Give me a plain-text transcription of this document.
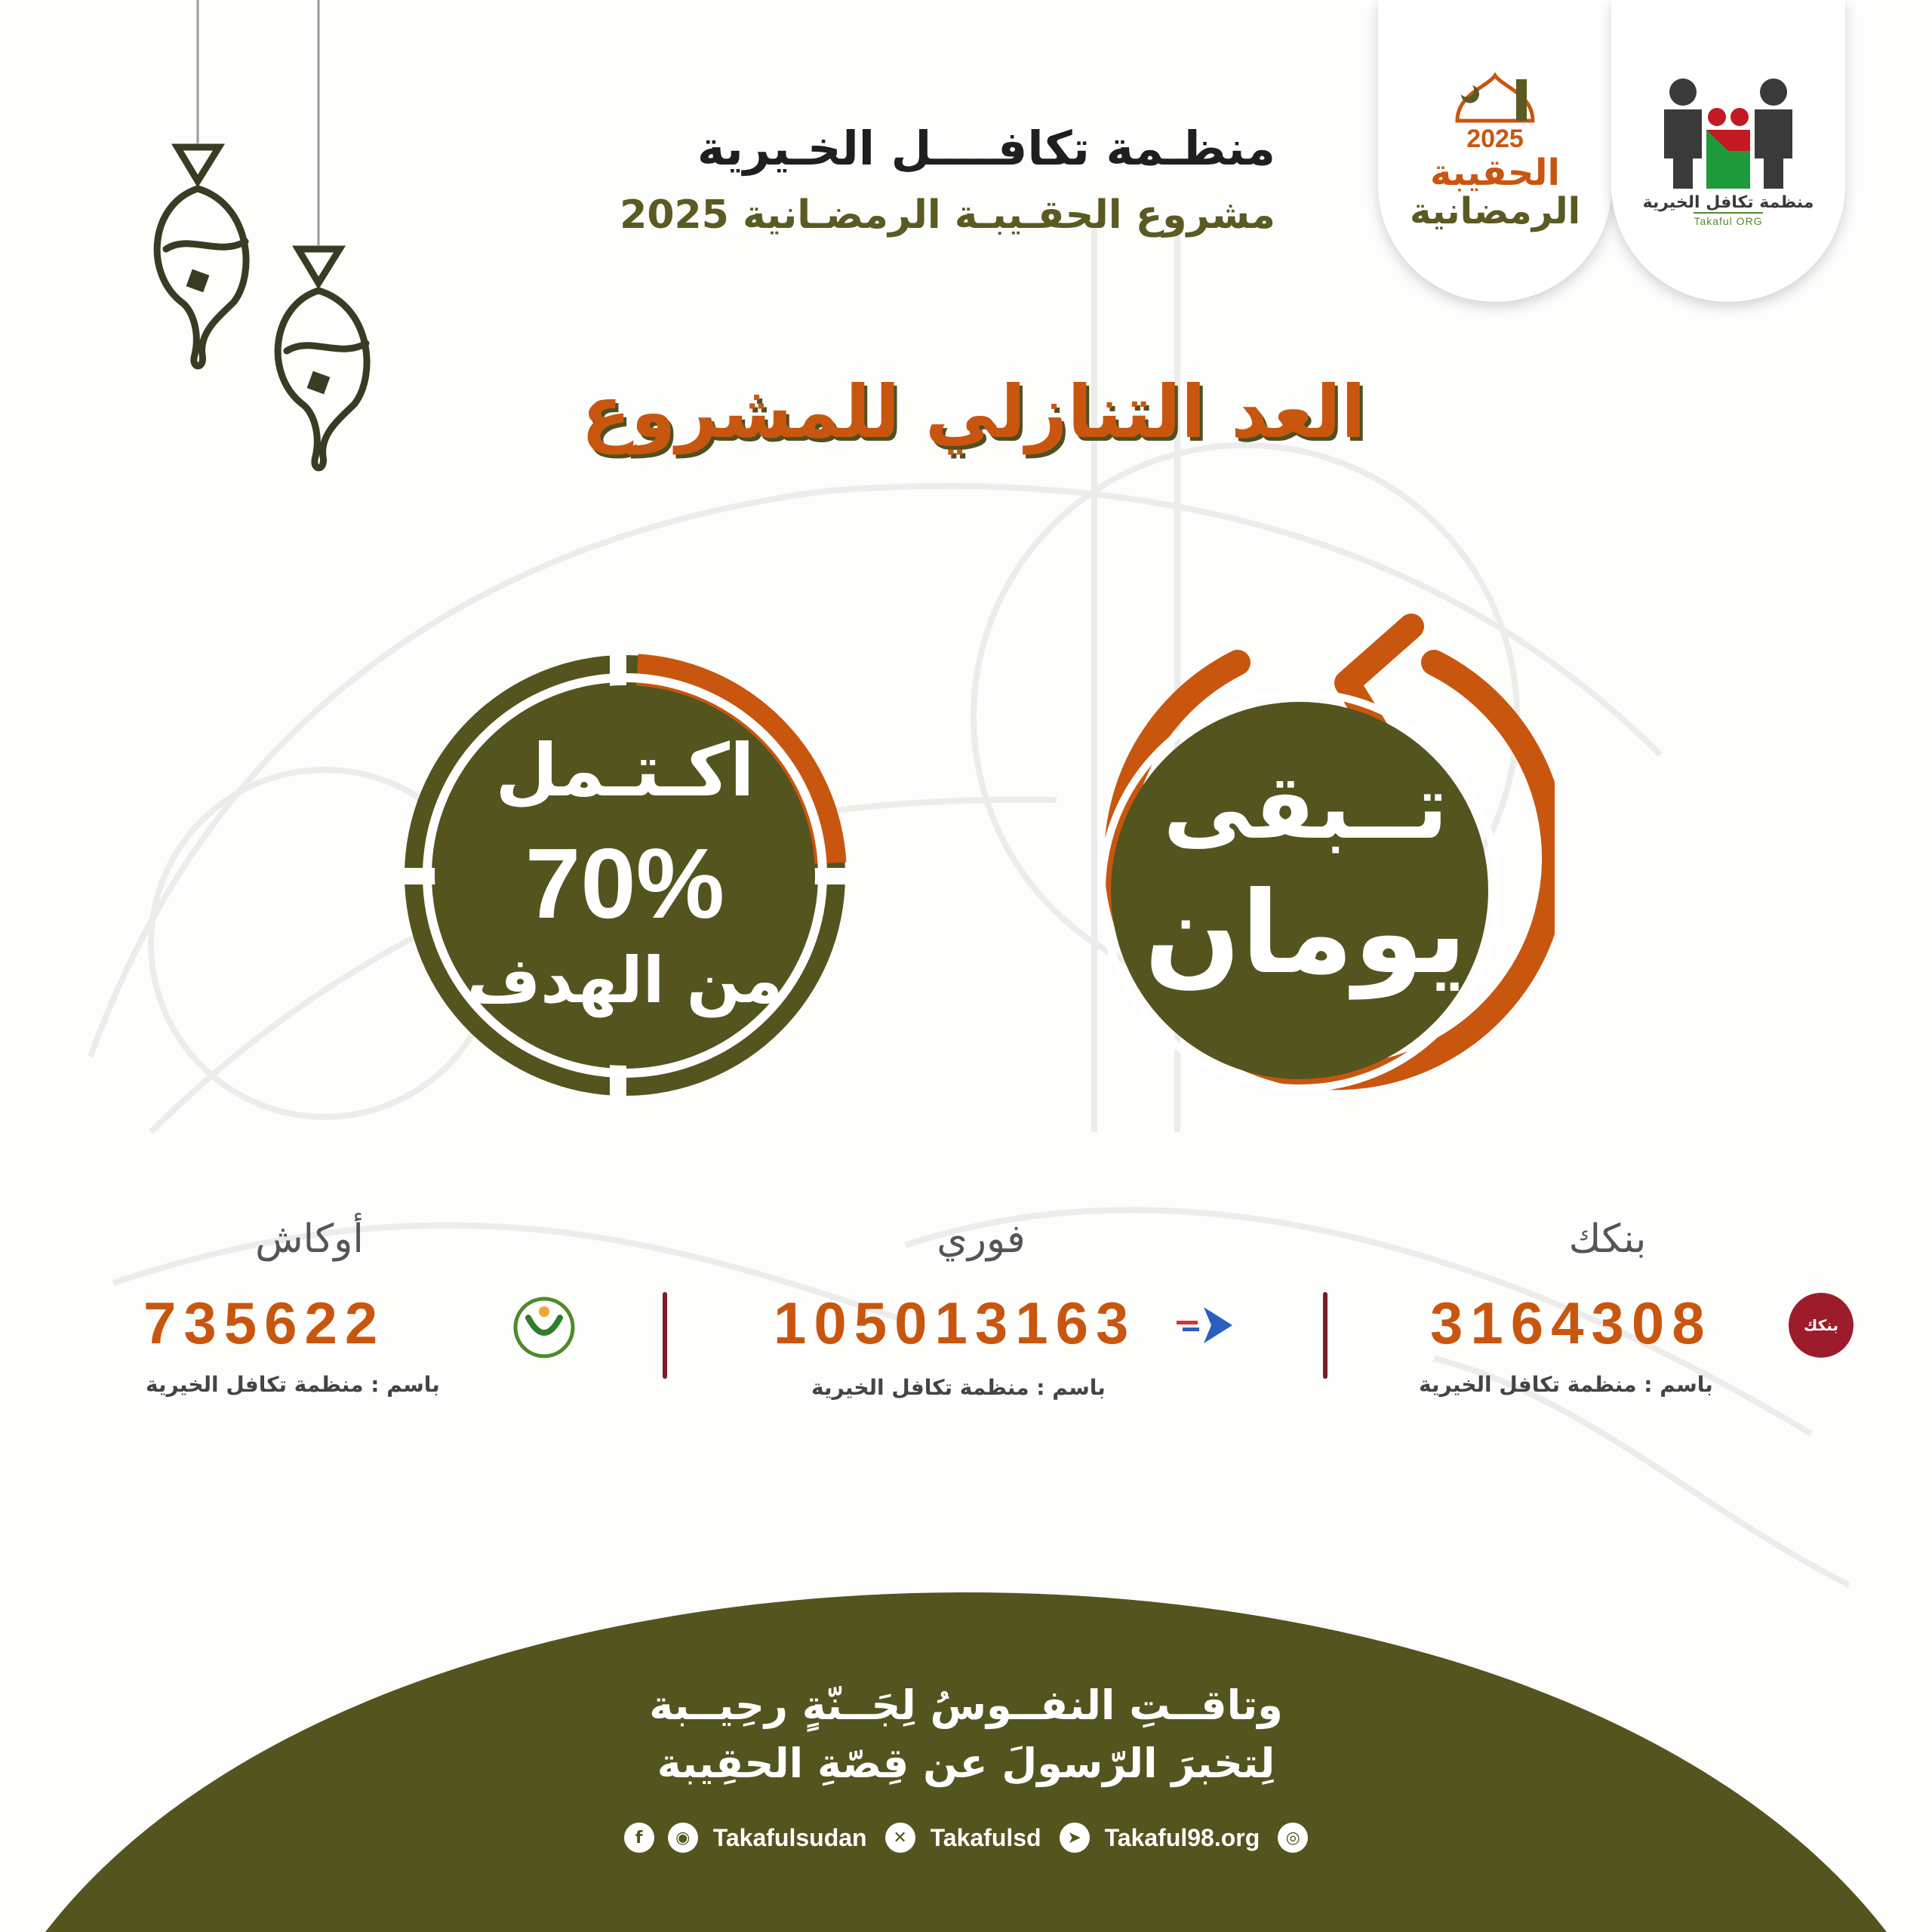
2025
الحقيبة
الرمضانية	منظمة تكافل الخيرية
Takaful ORG
منظـمة تكافــــل الخـيرية
مشروع الحقـيبـة الرمضـانية 2025
العد التنازلي للمشروع
اكـتـمل
70%
من الهدف
تــبقى
يومان
بنكك
بنكك
3164308
باسم : منظمة تكافل الخيرية
فوري
105013163
باسم : منظمة تكافل الخيرية
أوكاش
735622
باسم : منظمة تكافل الخيرية
وتاقــتِ النفــوسُ لِجَــنّةٍ رحِيــبة
لِتخبرَ الرّسولَ عن قِصّةِ الحقِيبة
◎
Takaful98.org
➤
Takafulsd
✕
Takafulsudan
◉
f
